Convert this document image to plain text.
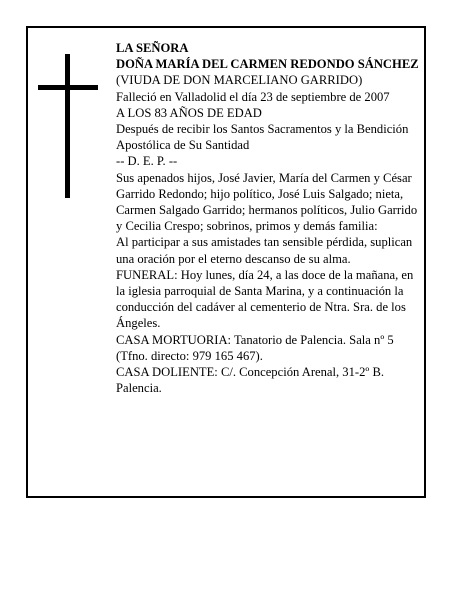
LA SEÑORA

DOÑA MARÍA DEL CARMEN REDONDO SÁNCHEZ

(VIUDA DE DON MARCELIANO GARRIDO)

Falleció en Valladolid el día 23 de septiembre de 2007

A LOS 83 AÑOS DE EDAD

Después de recibir los Santos Sacramentos y la Bendición Apostólica de Su Santidad

-- D. E. P. --

Sus apenados hijos, José Javier, María del Carmen y César Garrido Redondo; hijo político, José Luis Salgado; nieta, Carmen Salgado Garrido; hermanos políticos, Julio Garrido y Cecilia Crespo; sobrinos, primos y demás familia:

Al participar a sus amistades tan sensible pérdida, suplican una oración por el eterno descanso de su alma.

FUNERAL: Hoy lunes, día 24, a las doce de la mañana, en la iglesia parroquial de Santa Marina, y a continuación la conducción del cadáver al cementerio de Ntra. Sra. de los Ángeles.

CASA MORTUORIA: Tanatorio de Palencia. Sala nº 5 (Tfno. directo: 979 165 467).

CASA DOLIENTE: C/. Concepción Arenal, 31-2º B. Palencia.
